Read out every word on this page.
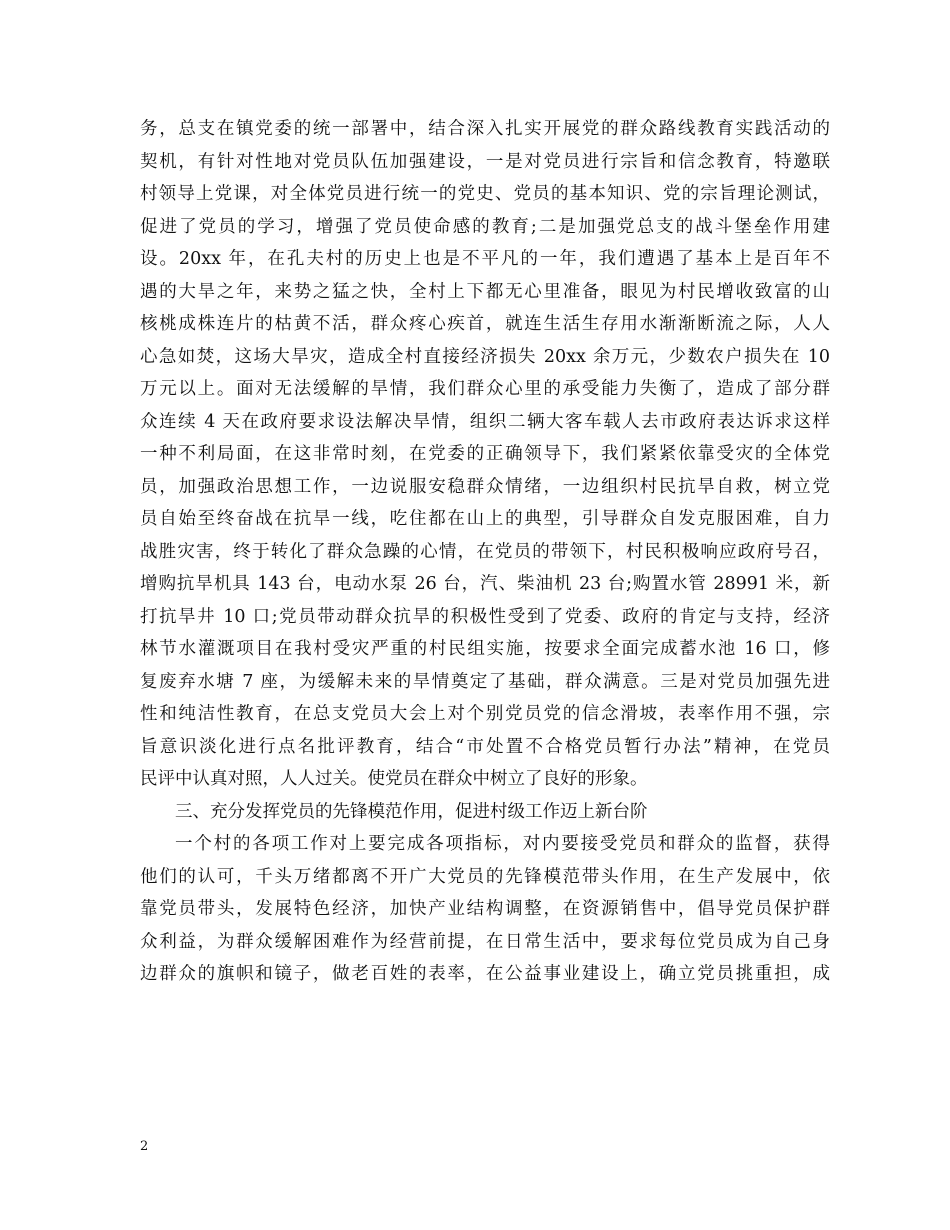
务，总支在镇党委的统一部署中，结合深入扎实开展党的群众路线教育实践活动的
契机，有针对性地对党员队伍加强建设，一是对党员进行宗旨和信念教育，特邀联
村领导上党课，对全体党员进行统一的党史、党员的基本知识、党的宗旨理论测试，
促进了党员的学习，增强了党员使命感的教育;二是加强党总支的战斗堡垒作用建
设。20xx 年，在孔夫村的历史上也是不平凡的一年，我们遭遇了基本上是百年不
遇的大旱之年，来势之猛之快，全村上下都无心里准备，眼见为村民增收致富的山
核桃成株连片的枯黄不活，群众疼心疾首，就连生活生存用水渐渐断流之际，人人
心急如焚，这场大旱灾，造成全村直接经济损失 20xx 余万元，少数农户损失在 10
万元以上。面对无法缓解的旱情，我们群众心里的承受能力失衡了，造成了部分群
众连续 4 天在政府要求设法解决旱情，组织二辆大客车载人去市政府表达诉求这样
一种不利局面，在这非常时刻，在党委的正确领导下，我们紧紧依靠受灾的全体党
员，加强政治思想工作，一边说服安稳群众情绪，一边组织村民抗旱自救，树立党
员自始至终奋战在抗旱一线，吃住都在山上的典型，引导群众自发克服困难，自力
战胜灾害，终于转化了群众急躁的心情，在党员的带领下，村民积极响应政府号召，
增购抗旱机具 143 台，电动水泵 26 台，汽、柴油机 23 台;购置水管 28991 米，新
打抗旱井 10 口;党员带动群众抗旱的积极性受到了党委、政府的肯定与支持，经济
林节水灌溉项目在我村受灾严重的村民组实施，按要求全面完成蓄水池 16 口，修
复废弃水塘 7 座，为缓解未来的旱情奠定了基础，群众满意。三是对党员加强先进
性和纯洁性教育，在总支党员大会上对个别党员党的信念滑坡，表率作用不强，宗
旨意识淡化进行点名批评教育，结合“市处置不合格党员暂行办法”精神，在党员
民评中认真对照，人人过关。使党员在群众中树立了良好的形象。
三、充分发挥党员的先锋模范作用，促进村级工作迈上新台阶
一个村的各项工作对上要完成各项指标，对内要接受党员和群众的监督，获得
他们的认可，千头万绪都离不开广大党员的先锋模范带头作用，在生产发展中，依
靠党员带头，发展特色经济，加快产业结构调整，在资源销售中，倡导党员保护群
众利益，为群众缓解困难作为经营前提，在日常生活中，要求每位党员成为自己身
边群众的旗帜和镜子，做老百姓的表率，在公益事业建设上，确立党员挑重担，成
2
